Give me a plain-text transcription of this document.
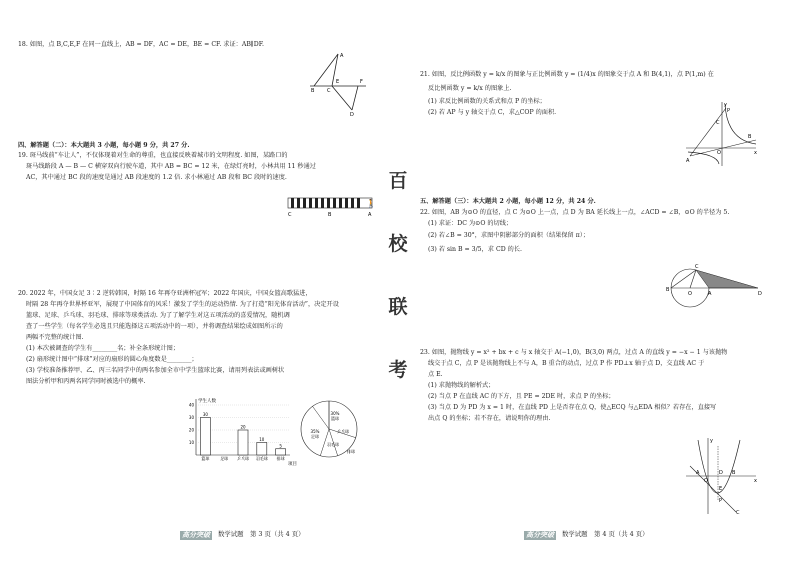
18. 如图，点 B,C,E,F 在同一直线上，AB = DF，AC = DE，BE = CF. 求证：AB∥DF.
A
B	C
E	F
D
四、解答题（二）：本大题共 3 小题，每小题 9 分，共 27 分.
19. 斑马线前“车让人”，不仅体现着对生命的尊重，也直接反映着城市的文明程度. 如图，某路口的
斑马线路段 A — B — C 横穿双向行驶车道，其中 AB = BC = 12 米，在绿灯亮时，小林共用 11 秒通过
AC，其中通过 BC 段的速度是通过 AB 段速度的 1.2 倍. 求小林通过 AB 段和 BC 段时的速度.
🚶
C	B	A
20. 2022 年，中国女足 3∶2 逆转韩国，时隔 16 年再夺亚洲杯冠军；2022 年国庆，中国女篮高歌猛进，
时隔 28 年再夺世界杯亚军，展现了中国体育的风采！激发了学生的运动热情. 为了打造“阳光体育活动”，决定开设
篮球、足球、乒乓球、羽毛球、排球等球类活动. 为了了解学生对这五项活动的喜爱情况，随机调
查了一些学生（每名学生必选且只能选择这五项活动中的一项），并将调查结果绘成如图所示的
两幅不完整的统计图.
(1) 本次被调查的学生有________名；补全条形统计图；
(2) 扇形统计图中“排球”对应的扇形的圆心角度数是________；
(3) 学校准备推荐甲、乙、丙三名同学中的两名参加全市中学生篮球比赛，请用列表法或画树状
图法分析甲和丙两名同学同时被选中的概率.
学生人数
项目
40
30
20
10
30
篮球	足球
20
乒乓球
10
羽毛球
5
排球
30%
篮球
乒乓球
羽毛球
35%
足球
排球
高分突破	数学试题　第 3 页（共 4 页）
百
校
联
考
21. 如图，反比例函数 y = k/x 的图象与正比例函数 y = (1/4)x 的图象交于点 A 和 B(4,1)，点 P(1,m) 在
反比例函数 y = k/x 的图象上.
(1) 求反比例函数的关系式和点 P 的坐标；
(2) 若 AP 与 y 轴交于点 C，求△COP 的面积.
y
x
O
P
A
B
C
五、解答题（三）：本大题共 2 小题，每小题 12 分，共 24 分.
22. 如图，AB 为⊙O 的直径，点 C 为⊙O 上一点，点 D 为 BA 延长线上一点，∠ACD = ∠B，⊙O 的半径为 5.
(1) 求证：DC 为⊙O 的切线；
(2) 若∠B = 30°，求图中阴影部分的面积（结果保留 π）；
(3) 若 sin B = 3/5，求 CD 的长.
B
O	A	D
C
23. 如图，抛物线 y = x² + bx + c 与 x 轴交于 A(−1,0)，B(3,0) 两点，过点 A 的直线 y = −x − 1 与该抛物
线交于点 C，点 P 是该抛物线上不与 A，B 重合的动点，过点 P 作 PD⊥x 轴于点 D，交直线 AC 于
点 E.
(1) 求抛物线的解析式；
(2) 当点 P 在直线 AC 的下方，且 PE = 2DE 时，求点 P 的坐标；
(3) 当点 D 为 PD 为 x = 1 时，在直线 PD 上是否存在点 Q，使△ECQ 与△EDA 相似？若存在，直接写
出点 Q 的坐标；若不存在，请说明你的理由.
y
x
O
A	B
D
E
P
C
高分突破	数学试题　第 4 页（共 4 页）
